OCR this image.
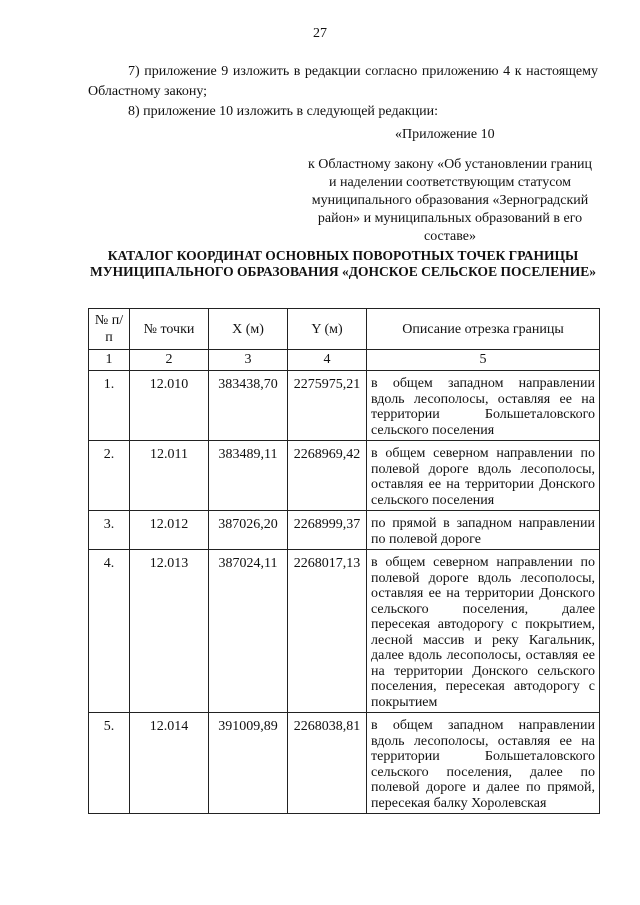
27
7) приложение 9 изложить в редакции согласно приложению 4 к настоящему Областному закону;
8) приложение 10 изложить в следующей редакции:
«Приложение 10
к Областному закону «Об установлении границ и наделении соответствующим статусом муниципального образования «Зерноградский район» и муниципальных образований в его составе»
КАТАЛОГ КООРДИНАТ ОСНОВНЫХ ПОВОРОТНЫХ ТОЧЕК ГРАНИЦЫ МУНИЦИПАЛЬНОГО ОБРАЗОВАНИЯ «ДОНСКОЕ СЕЛЬСКОЕ ПОСЕЛЕНИЕ»
№ п/п	№ точки	X (м)	Y (м)	Описание отрезка границы
1	2	3	4	5
1.	12.010	383438,70	2275975,21	в общем западном направлении вдоль лесополосы, оставляя ее на территории Большеталовского сельского поселения
2.	12.011	383489,11	2268969,42	в общем северном направлении по полевой дороге вдоль лесополосы, оставляя ее на территории Донского сельского поселения
3.	12.012	387026,20	2268999,37	по прямой в западном направлении по полевой дороге
4.	12.013	387024,11	2268017,13	в общем северном направлении по полевой дороге вдоль лесополосы, оставляя ее на территории Донского сельского поселения, далее пересекая автодорогу с покрытием, лесной массив и реку Кагальник, далее вдоль лесополосы, оставляя ее на территории Донского сельского поселения, пересекая автодорогу с покрытием
5.	12.014	391009,89	2268038,81	в общем западном направлении вдоль лесополосы, оставляя ее на территории Большеталовского сельского поселения, далее по полевой дороге и далее по прямой, пересекая балку Хоролевская
